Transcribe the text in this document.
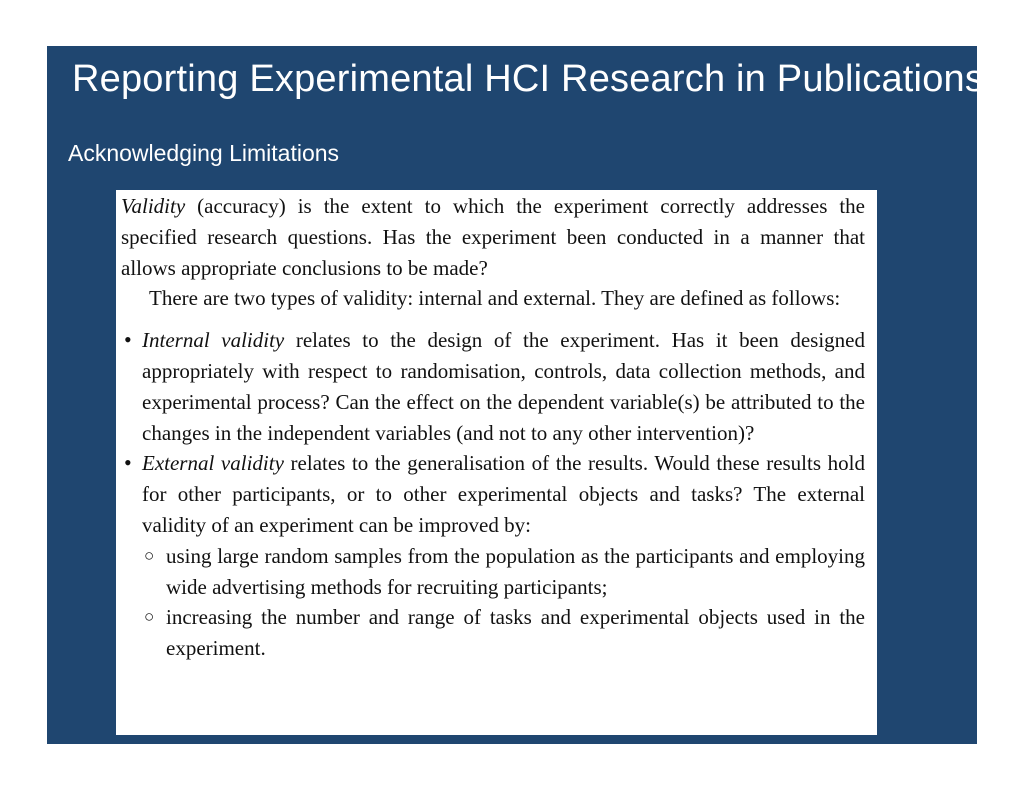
Reporting Experimental HCI Research in Publications
Acknowledging Limitations

Validity (accuracy) is the extent to which the experiment correctly addresses the specified research questions. Has the experiment been conducted in a manner that allows appropriate conclusions to be made?

There are two types of validity: internal and external. They are defined as follows:

• Internal validity relates to the design of the experiment. Has it been designed appropriately with respect to randomisation, controls, data collection methods, and experimental process? Can the effect on the dependent variable(s) be attributed to the changes in the independent variables (and not to any other intervention)?
• External validity relates to the generalisation of the results. Would these results hold for other participants, or to other experimental objects and tasks? The external validity of an experiment can be improved by:
○ using large random samples from the population as the participants and employing wide advertising methods for recruiting participants;
○ increasing the number and range of tasks and experimental objects used in the experiment.
